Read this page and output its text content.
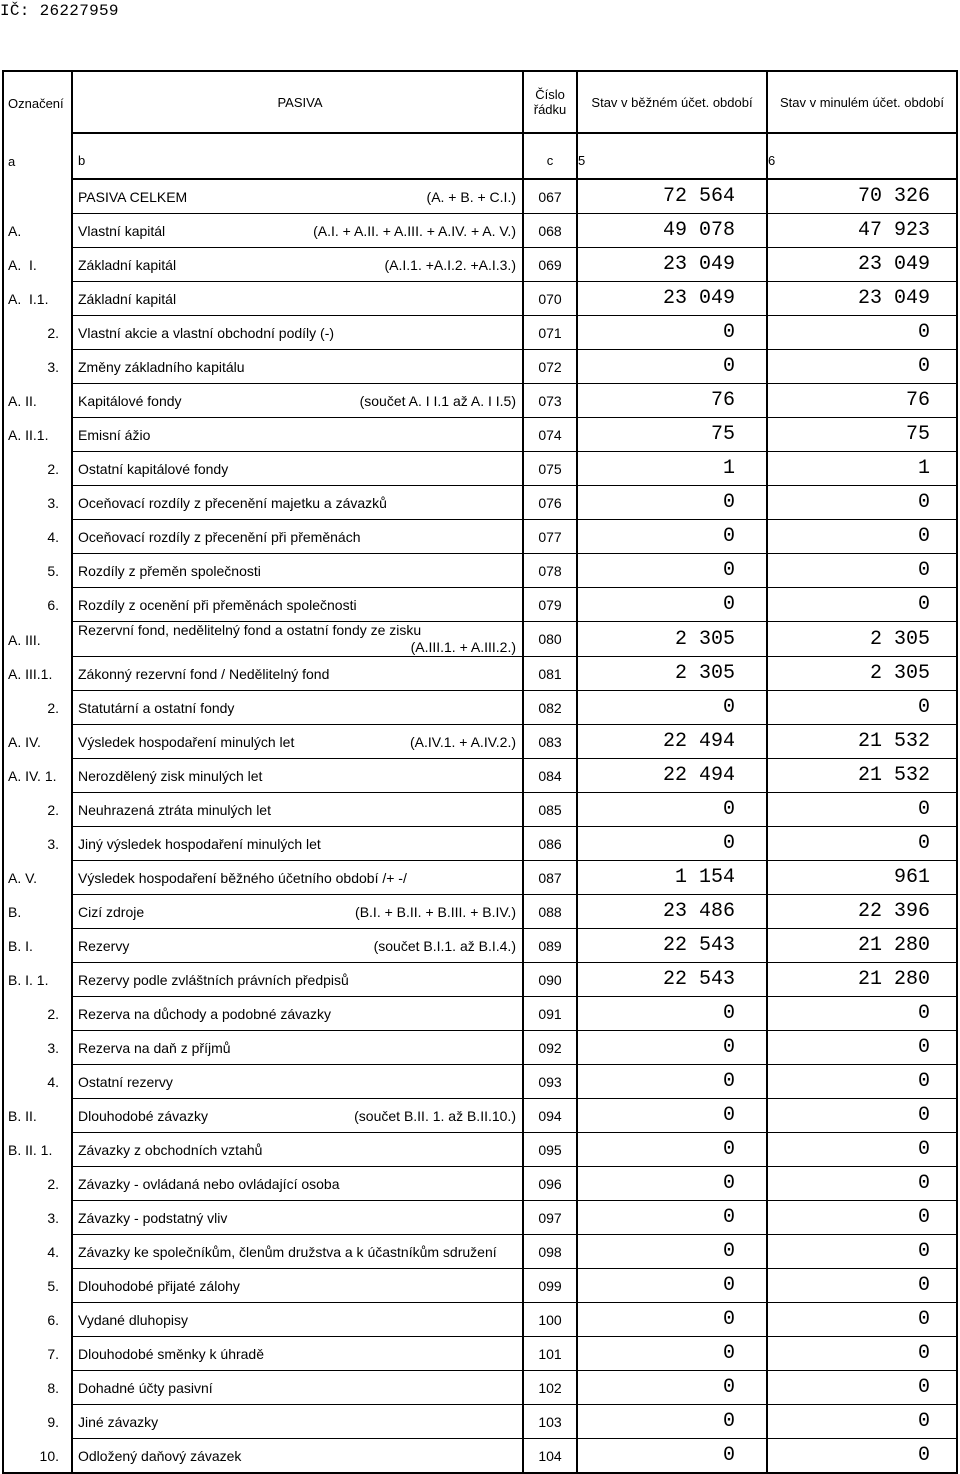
IČ: 26227959
Označení	PASIVA	Číslo řádku	Stav v běžném účet. období	Stav v minulém účet. období
a	b	c	5	6

	PASIVA CELKEM (A. + B. + C.I.)	067	72 564	70 326

A.	Vlastní kapitál (A.I. + A.II. + A.III. + A.IV. + A. V.)	068	49 078	47 923

A.  I.	Základní kapitál (A.I.1. +A.I.2. +A.I.3.)	069	23 049	23 049

A.  I.1.	Základní kapitál	070	23 049	23 049

2.	Vlastní akcie a vlastní obchodní podíly (-)	071	0	0

3.	Změny základního kapitálu	072	0	0

A. II.	Kapitálové fondy (součet A. I I.1 až A. I I.5)	073	76	76

A. II.1.	Emisní ážio	074	75	75

2.	Ostatní kapitálové fondy	075	1	1

3.	Oceňovací rozdíly z přecenění majetku a závazků	076	0	0

4.	Oceňovací rozdíly z přecenění při přeměnách	077	0	0

5.	Rozdíly z přeměn společnosti	078	0	0

6.	Rozdíly z ocenění při přeměnách společnosti	079	0	0

A. III.	Rezervní fond, nedělitelný fond a ostatní fondy ze zisku
(A.III.1. + A.III.2.)	080	2 305	2 305

A. III.1.	Zákonný rezervní fond / Nedělitelný fond	081	2 305	2 305

2.	Statutární a ostatní fondy	082	0	0

A. IV.	Výsledek hospodaření minulých let (A.IV.1. + A.IV.2.)	083	22 494	21 532

A. IV. 1.	Nerozdělený zisk minulých let	084	22 494	21 532

2.	Neuhrazená ztráta minulých let	085	0	0

3.	Jiný výsledek hospodaření minulých let	086	0	0

A. V.	Výsledek hospodaření běžného účetního období /+ -/	087	1 154	961

B.	Cizí zdroje (B.I. + B.II. + B.III. + B.IV.)	088	23 486	22 396

B. I.	Rezervy (součet B.I.1. až B.I.4.)	089	22 543	21 280

B. I. 1.	Rezervy podle zvláštních právních předpisů	090	22 543	21 280

2.	Rezerva na důchody a podobné závazky	091	0	0

3.	Rezerva na daň z příjmů	092	0	0

4.	Ostatní rezervy	093	0	0

B. II.	Dlouhodobé závazky (součet B.II. 1. až B.II.10.)	094	0	0

B. II. 1.	Závazky z obchodních vztahů	095	0	0

2.	Závazky - ovládaná nebo ovládající osoba	096	0	0

3.	Závazky - podstatný vliv	097	0	0

4.	Závazky ke společníkům, členům družstva a k účastníkům sdružení	098	0	0

5.	Dlouhodobé přijaté zálohy	099	0	0

6.	Vydané dluhopisy	100	0	0

7.	Dlouhodobé směnky k úhradě	101	0	0

8.	Dohadné účty pasivní	102	0	0

9.	Jiné závazky	103	0	0

10.	Odložený daňový závazek	104	0	0
